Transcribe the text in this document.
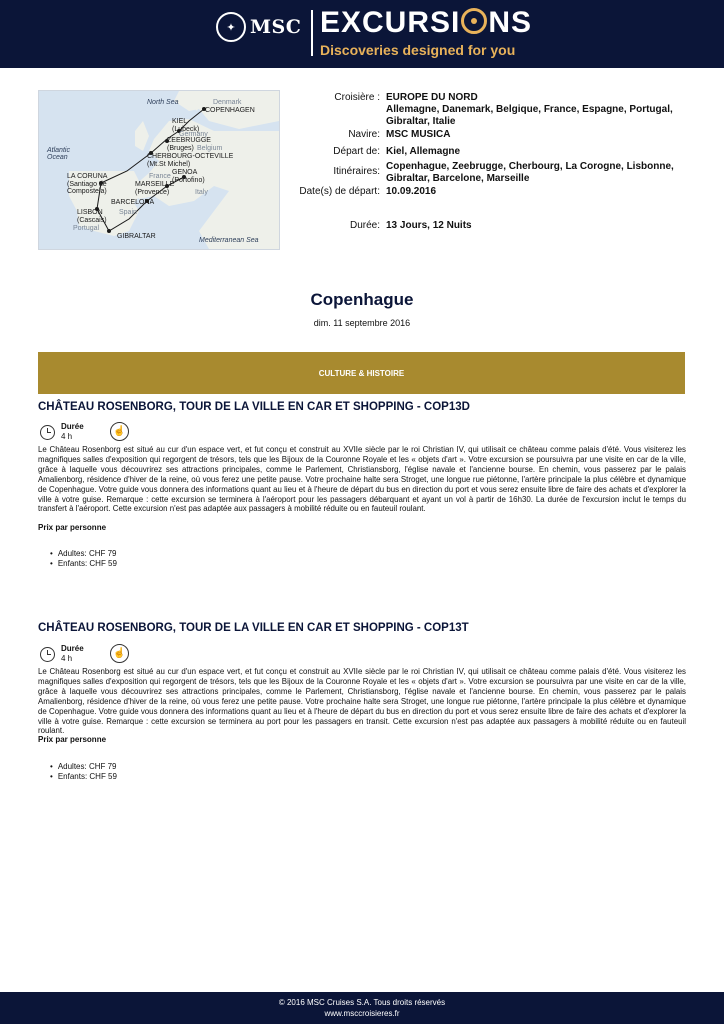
✦ MSC EXCURSI NS
Discoveries designed for you
North Sea
Atlantic Ocean
Mediterranean Sea
COPENHAGEN
KIEL
(Lubeck)
ZEEBRUGGE
(Bruges)
CHERBOURG-OCTEVILLE
(Mt.St Michel)
GENOA
(Portofino)
LA CORUNA
(Santiago de Compostela)
MARSEILLE
(Provence)
BARCELONA
LISBON
(Cascais)
GIBRALTAR
Denmark
Germany
Belgium
France
Italy
Spain
Portugal
Croisière : EUROPE DU NORD
Allemagne, Danemark, Belgique, France, Espagne, Portugal, Gibraltar, Italie
Navire: MSC MUSICA
Départ de: Kiel, Allemagne
Itinéraires: Copenhague, Zeebrugge, Cherbourg, La Corogne, Lisbonne, Gibraltar, Barcelone, Marseille
Date(s) de départ: 10.09.2016
Durée: 13 Jours, 12 Nuits
Copenhague
dim. 11 septembre 2016
CULTURE & HISTOIRE
CHÂTEAU ROSENBORG, TOUR DE LA VILLE EN CAR ET SHOPPING - COP13D
Durée
4 h	☝
Le Château Rosenborg est situé au cur d'un espace vert, et fut conçu et construit au XVIIe siècle par le roi Christian IV, qui utilisait ce château comme palais d'été. Vous visiterez les magnifiques salles d'exposition qui regorgent de trésors, tels que les Bijoux de la Couronne Royale et les « objets d'art ». Votre excursion se poursuivra par une visite en car de la ville, grâce à laquelle vous découvrirez ses attractions principales, comme le Parlement, Christiansborg, l'église navale et l'ancienne bourse. En chemin, vous passerez par le palais Amalienborg, résidence d'hiver de la reine, où vous ferez une petite pause. Votre prochaine halte sera Stroget, une longue rue piétonne, l'artère principale la plus célèbre et dynamique de Copenhague. Votre guide vous donnera des informations quant au lieu et à l'heure de départ du bus en direction du port et vous serez ensuite libre de faire des achats et d'explorer la ville à votre guise. Remarque : cette excursion se terminera à l'aéroport pour les passagers débarquant et ayant un vol à partir de 16h30. La durée de l'excursion inclut le temps du transfert à l'aéroport. Cette excursion n'est pas adaptée aux passagers à mobilité réduite ou en fauteuil roulant.
Prix par personne
• Adultes: CHF 79
• Enfants: CHF 59
CHÂTEAU ROSENBORG, TOUR DE LA VILLE EN CAR ET SHOPPING - COP13T
Durée
4 h	☝
Le Château Rosenborg est situé au cur d'un espace vert, et fut conçu et construit au XVIIe siècle par le roi Christian IV, qui utilisait ce château comme palais d'été. Vous visiterez les magnifiques salles d'exposition qui regorgent de trésors, tels que les Bijoux de la Couronne Royale et les « objets d'art ». Votre excursion se poursuivra par une visite en car de la ville, grâce à laquelle vous découvrirez ses attractions principales, comme le Parlement, Christiansborg, l'église navale et l'ancienne bourse. En chemin, vous passerez par le palais Amalienborg, résidence d'hiver de la reine, où vous ferez une petite pause. Votre prochaine halte sera Stroget, une longue rue piétonne, l'artère principale la plus célèbre et dynamique de Copenhague. Votre guide vous donnera des informations quant au lieu et à l'heure de départ du bus en direction du port et vous serez ensuite libre de faire des achats et d'explorer la ville à votre guise. Remarque : cette excursion se terminera au port pour les passagers en transit. Cette excursion n'est pas adaptée aux passagers à mobilité réduite ou en fauteuil roulant.
Prix par personne
• Adultes: CHF 79
• Enfants: CHF 59
© 2016 MSC Cruises S.A. Tous droits réservés
www.msccroisieres.fr
